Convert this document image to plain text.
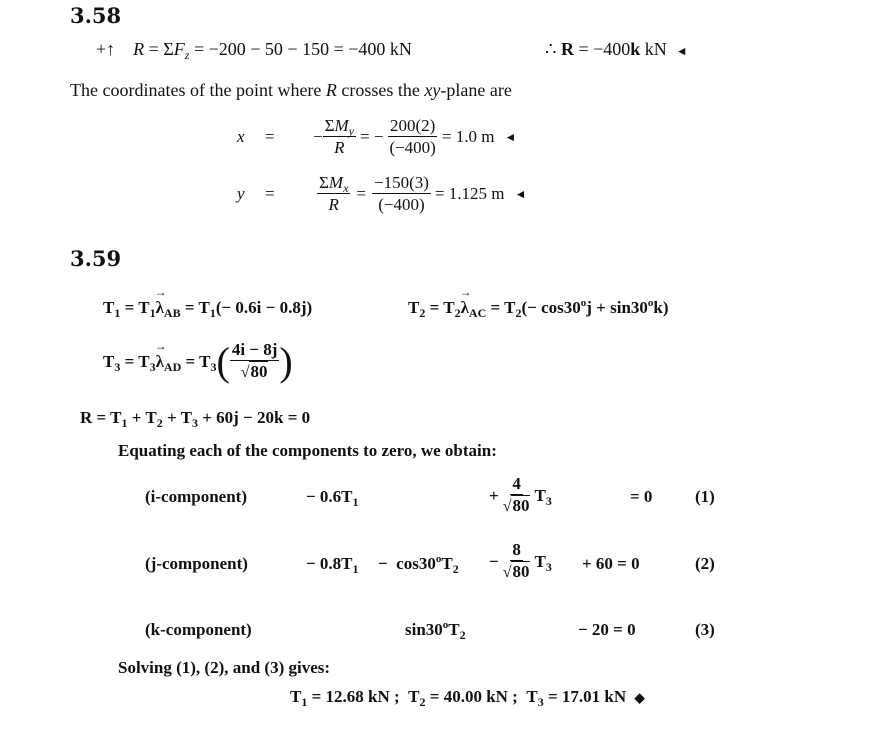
3.58
+↑    $R = \Sigma F_z = -200 - 50 - 150 = -400$ kN	∴ R = −400k kN  ◄
The coordinates of the point where R crosses the xy-plane are
x	=	− $\frac{\Sigma M_y}{R}$ = − $\frac{200(2)}{(-400)} = 1.0$ m ◄
y	=	$\frac{\Sigma M_x}{R} = \frac{-150(3)}{(-400)} = 1.125$ m ◄
3.59
$T_1 = T_1$
→
$\lambda_{AB} = T_1(- 0.6i - 0.8j)$	$T_2 = T_2$
→
$\lambda_{AC} = T_2(- \cos 30^oj + \sin 30^ok)$
$T_3 = T_3$
→
$\lambda_{AD} = T_3$ ( $\frac{4i - 8j}{√80}$ )
$R = T_1 + T_2 + T_3 + 60j - 20k = 0$
Equating each of the components to zero, we obtain:
(i-component)	− $0.6T_1$	+ $\frac{4}{√80} T_3$	= 0	(1)
(j-component)	− $0.8T_1 - \cos 30^oT_2 - \frac{8}{√80} T_3 + 60 = 0$	(2)
(k-component)	$\sin 30^oT_2$	− 20 = 0	(3)
Solving (1), (2), and (3) gives:
$T_1 = 12.68$ kN ;  $T_2 = 40.00$ kN ;  $T_3 = 17.01$ kN  ◆
